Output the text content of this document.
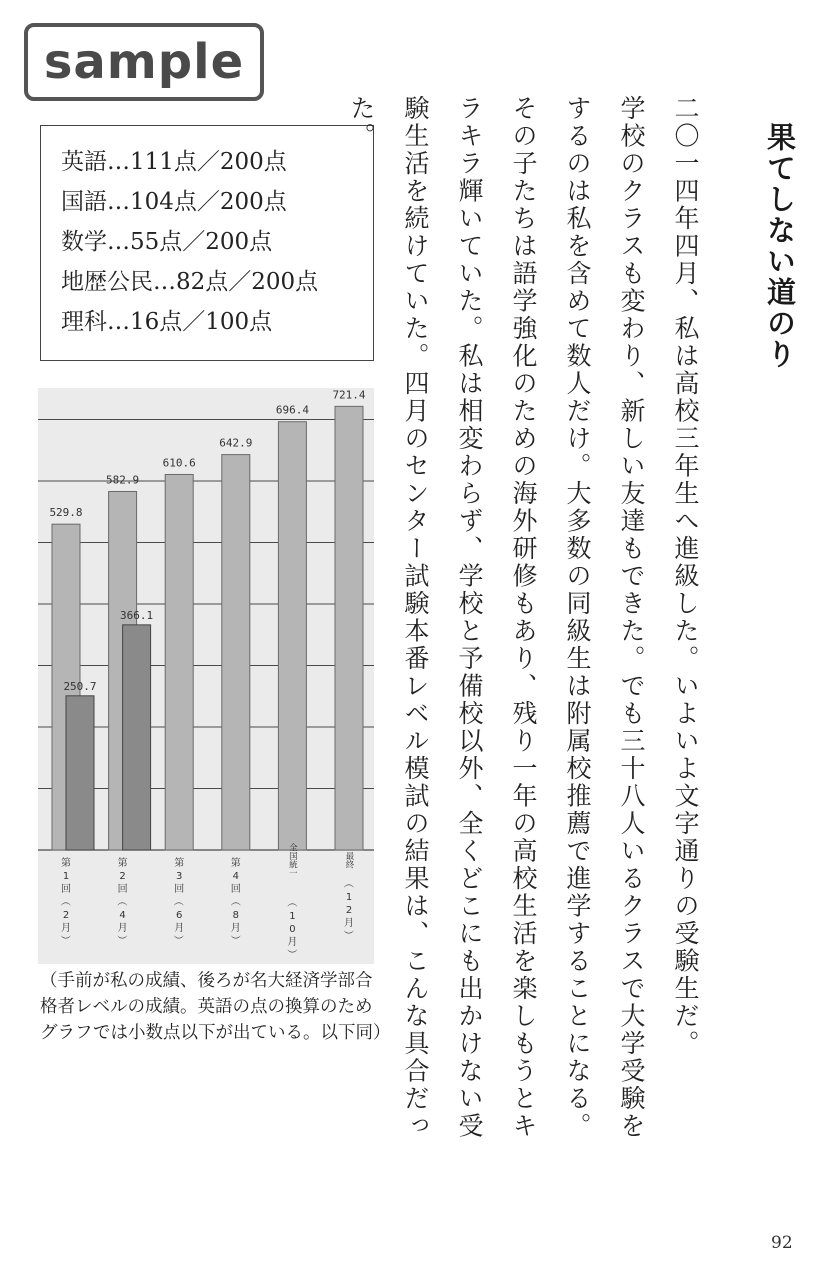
sample
英語…111点／200点
国語…104点／200点
数学…55点／200点
地歴公民…82点／200点
理科…16点／100点
529.8
250.7
第
1
回
（
2
月
）
582.9
366.1
第
2
回
（
4
月
）
610.6
第
3
回
（
6
月
）
642.9
第
4
回
（
8
月
）
696.4
全国統一
（
1
0
月
）
721.4
最終
（
1
2
月
）
（手前が私の成績、後ろが名大経済学部合格者レベルの成績。英語の点の換算のためグラフでは小数点以下が出ている。以下同）	二〇一四年四月、私は高校三年生へ進級した。いよいよ文字通りの受験生だ。

学校のクラスも変わり、新しい友達もできた。でも三十八人いるクラスで大学受験をするのは私を含めて数人だけ。大多数の同級生は附属校推薦で進学することになる。その子たちは語学強化のための海外研修もあり、残り一年の高校生活を楽しもうとキラキラ輝いていた。私は相変わらず、学校と予備校以外、全くどこにも出かけない受験生活を続けていた。四月のセンター試験本番レベル模試の結果は、こんな具合だった。	果てしない道のり
92
